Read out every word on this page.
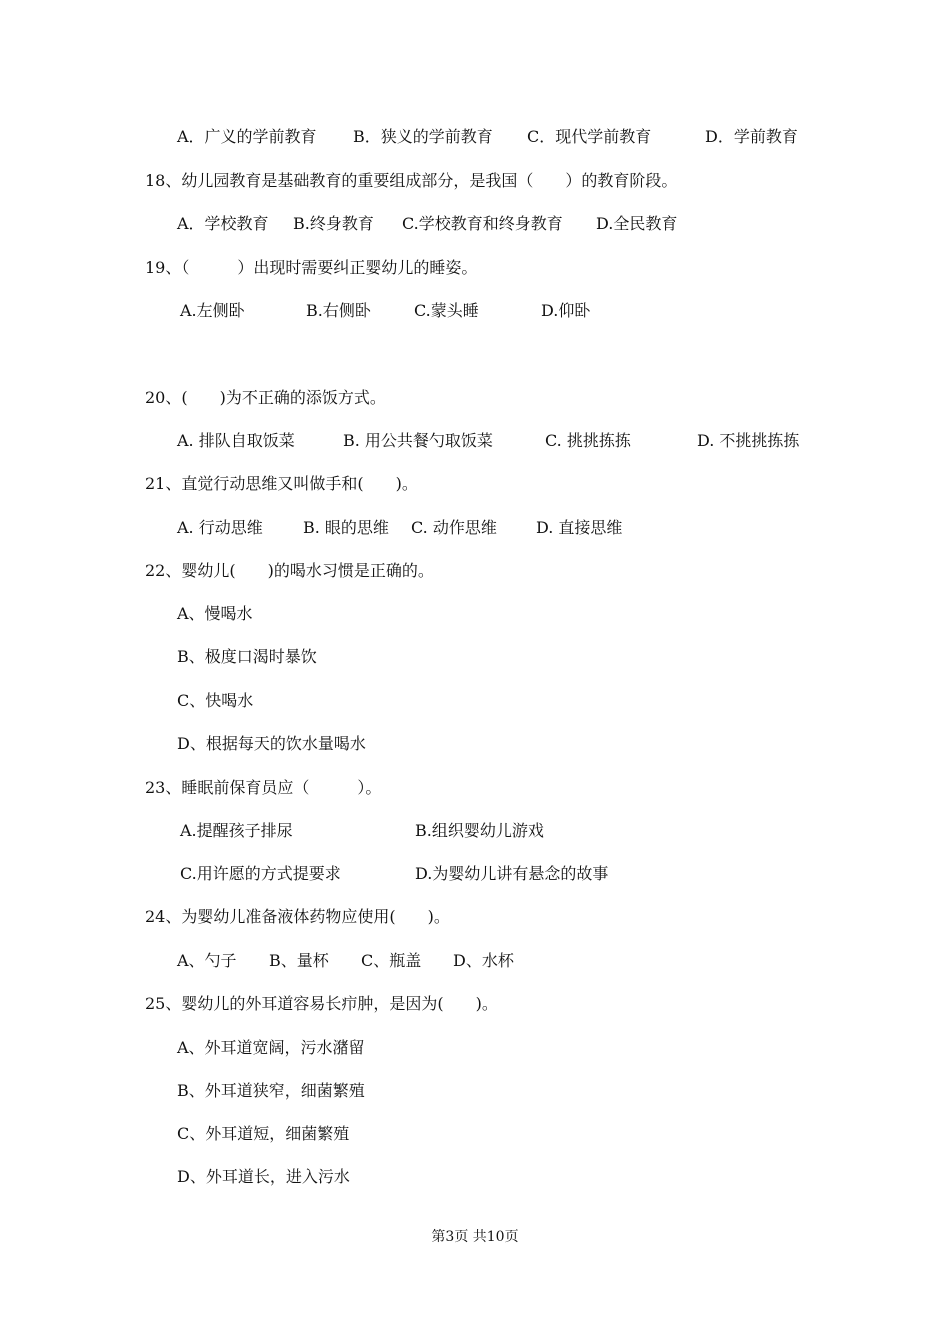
A．广义的学前教育 B．狭义的学前教育 C．现代学前教育	D．学前教育
18、幼儿园教育是基础教育的重要组成部分，是我国（　　）的教育阶段。
A．学校教育 B.终身教育 C.学校教育和终身教育 D.全民教育
19、（　　　）出现时需要纠正婴幼儿的睡姿。
A.左侧卧	B.右侧卧	C.蒙头睡	D.仰卧
20、(　　)为不正确的添饭方式。
A. 排队自取饭菜	B. 用公共餐勺取饭菜	C. 挑挑拣拣	D. 不挑挑拣拣
21、直觉行动思维又叫做手和(　　)。
A. 行动思维	B. 眼的思维 C. 动作思维 D. 直接思维
22、婴幼儿(　　)的喝水习惯是正确的。
A、慢喝水
B、极度口渴时暴饮
C、快喝水
D、根据每天的饮水量喝水
23、睡眠前保育员应（　　　）。
A.提醒孩子排尿	B.组织婴幼儿游戏
C.用许愿的方式提要求	D.为婴幼儿讲有悬念的故事
24、为婴幼儿准备液体药物应使用(　　)。
A、勺子 B、量杯 C、瓶盖 D、水杯
25、婴幼儿的外耳道容易长疖肿，是因为(　　)。
A、外耳道宽阔，污水潴留
B、外耳道狭窄，细菌繁殖
C、外耳道短，细菌繁殖
D、外耳道长，进入污水
第3页 共10页
